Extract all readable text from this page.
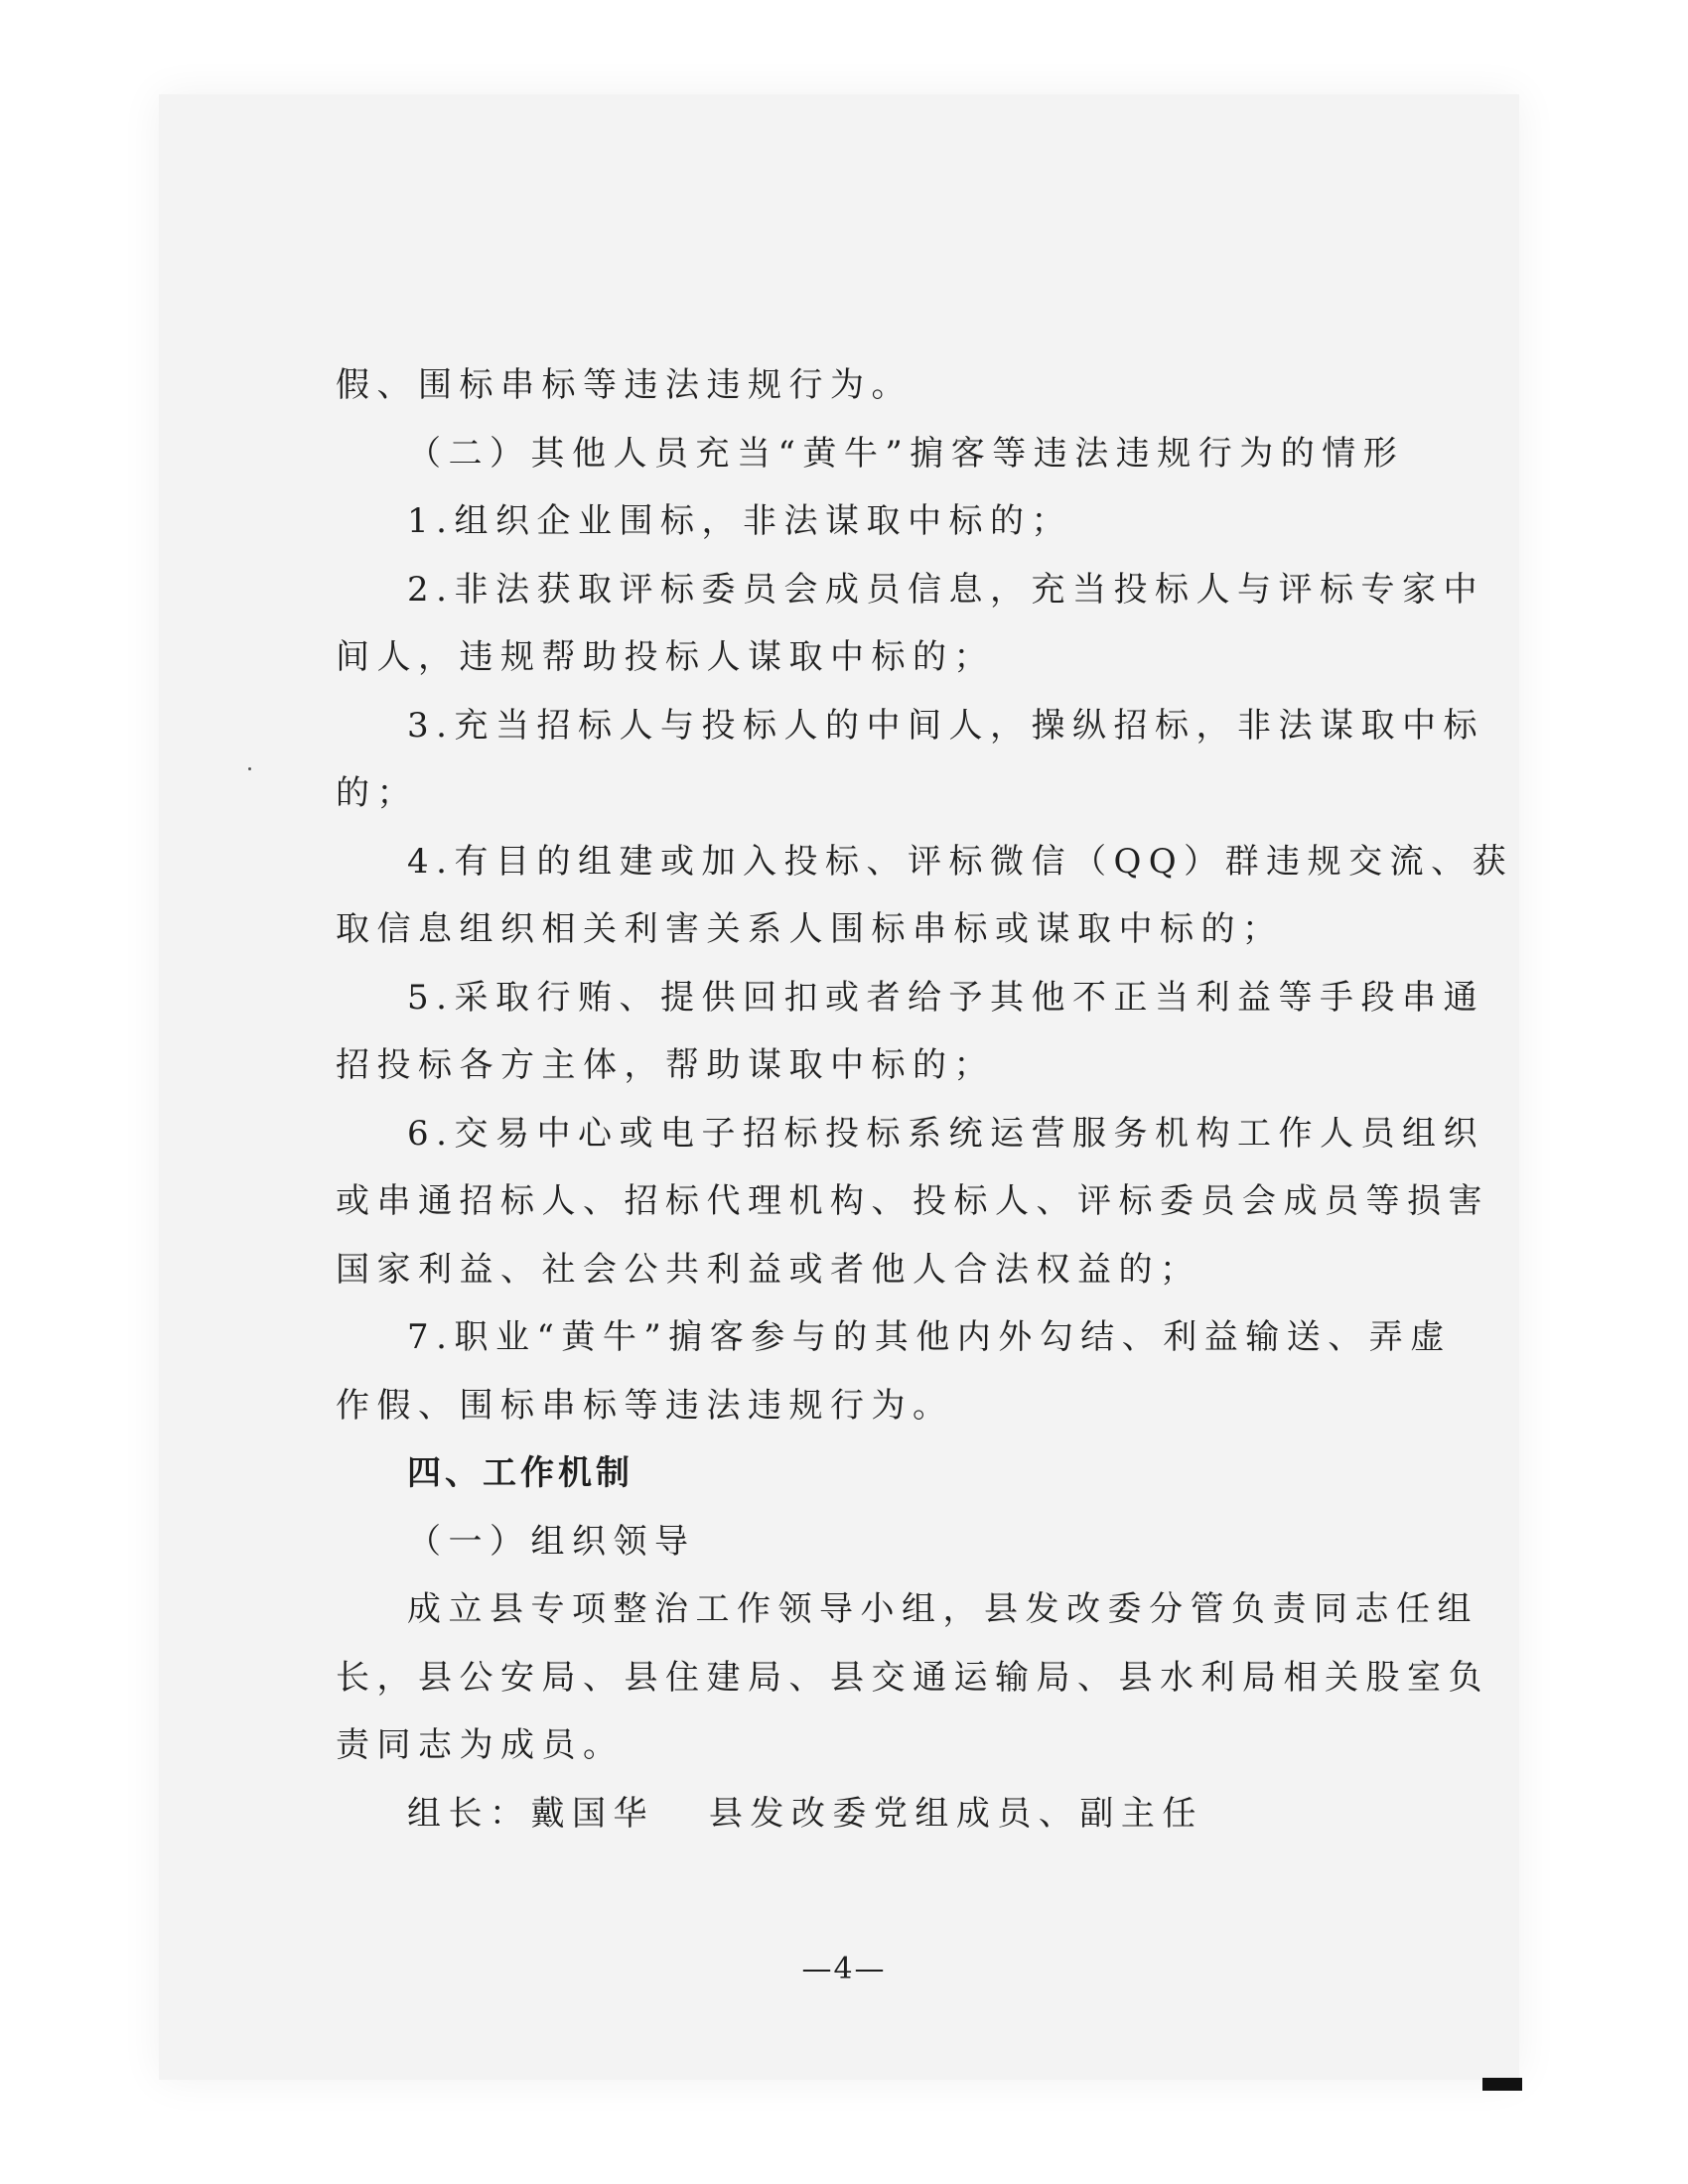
假、围标串标等违法违规行为。
（二）其他人员充当“黄牛”掮客等违法违规行为的情形
1.组织企业围标，非法谋取中标的；
2.非法获取评标委员会成员信息，充当投标人与评标专家中
间人，违规帮助投标人谋取中标的；
3.充当招标人与投标人的中间人，操纵招标，非法谋取中标
的；
4.有目的组建或加入投标、评标微信（QQ）群违规交流、获
取信息组织相关利害关系人围标串标或谋取中标的；
5.采取行贿、提供回扣或者给予其他不正当利益等手段串通
招投标各方主体，帮助谋取中标的；
6.交易中心或电子招标投标系统运营服务机构工作人员组织
或串通招标人、招标代理机构、投标人、评标委员会成员等损害
国家利益、社会公共利益或者他人合法权益的；
7.职业“黄牛”掮客参与的其他内外勾结、利益输送、弄虚
作假、围标串标等违法违规行为。
四、工作机制
（一）组织领导
成立县专项整治工作领导小组，县发改委分管负责同志任组
长，县公安局、县住建局、县交通运输局、县水利局相关股室负
责同志为成员。
组长：戴国华   县发改委党组成员、副主任
—4—
